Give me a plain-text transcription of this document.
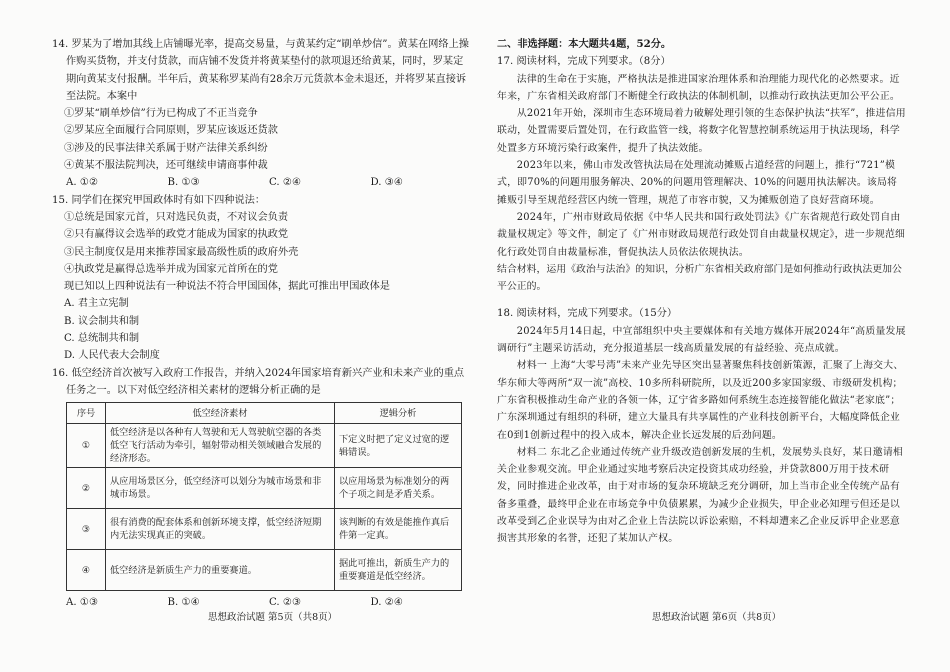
14. 罗某为了增加其线上店铺曝光率，提高交易量，与黄某约定“刷单炒信”。黄某在网络上操作购买货物，并支付货款，而店铺不发货并将黄某垫付的款项退还给黄某，同时，罗某定期向黄某支付报酬。半年后，黄某称罗某尚有28余万元货款本金未退还，并将罗某直接诉至法院。本案中
①罗某“刷单炒信”行为已构成了不正当竞争
②罗某应全面履行合同原则，罗某应该返还货款
③涉及的民事法律关系属于财产法律关系纠纷
④黄某不服法院判决，还可继续申请商事仲裁
A. ①②	B. ①③	C. ②④	D. ③④
15. 同学们在探究甲国政体时有如下四种说法：
①总统是国家元首，只对选民负责，不对议会负责
②只有赢得议会选举的政党才能成为国家的执政党
③民主制度仅是用来推荐国家最高级性质的政府外壳
④执政党是赢得总选举并成为国家元首所在的党
现已知以上四种说法有一种说法不符合甲国国体，据此可推出甲国政体是
A. 君主立宪制
B. 议会制共和制
C. 总统制共和制
D. 人民代表大会制度
16. 低空经济首次被写入政府工作报告，并纳入2024年国家培育新兴产业和未来产业的重点任务之一。以下对低空经济相关素材的逻辑分析正确的是
序号	低空经济素材	逻辑分析
①	低空经济是以各种有人驾驶和无人驾驶航空器的各类低空飞行活动为牵引，辐射带动相关领域融合发展的经济形态。	下定义时把了定义过宽的逻辑错误。
②	从应用场景区分，低空经济可以划分为城市场景和非城市场景。	以应用场景为标准划分的两个子项之间是矛盾关系。
③	很有消费的配套体系和创新环境支撑，低空经济短期内无法实现真正的突破。	该判断的有效是能推作真后件第一定真。
④	低空经济是新质生产力的重要赛道。	据此可推出，新质生产力的重要赛道是低空经济。
A. ①③	B. ①④	C. ②③	D. ②④
思想政治试题 第5页（共8页）
二、非选择题：本大题共4题，52分。
17. 阅读材料，完成下列要求。（8分）
法律的生命在于实施，严格执法是推进国家治理体系和治理能力现代化的必然要求。近年来，广东省相关政府部门不断健全行政执法的体制机制，以推动行政执法更加公平公正。
从2021年开始，深圳市生态环境局着力破解处理引领的生态保护执法“扶军”，推进信用联动，处置需要后置处罚，在行政监管一线，将数字化智慧控制系统运用于执法现场，科学处置多方环境污染行政案件，提升了执法效能。
2023年以来，佛山市发改管执法局在处理流动摊贩占道经营的问题上，推行“721”模式，即70%的问题用服务解决、20%的问题用管理解决、10%的问题用执法解决。该局将摊贩引导至规范经营区内统一管理，规范了市容市貌，又为摊贩创造了良好营商环境。
2024年，广州市财政局依据《中华人民共和国行政处罚法》《广东省规范行政处罚自由裁量权规定》等文件，制定了《广州市财政局规范行政处罚自由裁量权规定》，进一步规范细化行政处罚自由裁量标准，督促执法人员依法依规执法。
结合材料，运用《政治与法治》的知识，分析广东省相关政府部门是如何推动行政执法更加公平公正的。
18. 阅读材料，完成下列要求。（15分）
2024年5月14日起，中宣部组织中央主要媒体和有关地方媒体开展2024年“高质量发展调研行”主题采访活动，充分报道基层一线高质量发展的有益经验、亮点成就。
材料一 上海“大零号湾”未来产业先导区突出显著聚焦科技创新策源，汇聚了上海交大、华东师大等两所“双一流”高校、10多所科研院所，以及近200多家国家级、市级研发机构；广东省积极推动生命产业的各领一体，辽宁省多路如何系统生态连接智能化做法“老家底”；广东深圳通过有组织的科研，建立大量具有共享属性的产业科技创新平台，大幅度降低企业在0到1创新过程中的投入成本，解决企业长远发展的后劲问题。
材料二 东北乙企业通过传统产业升级改造创新发展的生机，发展势头良好，某日邀请相关企业参观交流。甲企业通过实地考察后决定投资其成功经验，并贷款800万用于技术研发，同时推进企业改革，由于对市场的复杂环境缺乏充分调研，加上当市企业全传统产品有备多重叠，最终甲企业在市场竞争中负债累累，为减少企业损失，甲企业必知理亏但还是以改革受到乙企业误导为由对乙企业上告法院以诉讼索赔，不料却遭来乙企业反诉甲企业恶意损害其形象的名誉，还犯了某加认产权。
思想政治试题 第6页（共8页）
